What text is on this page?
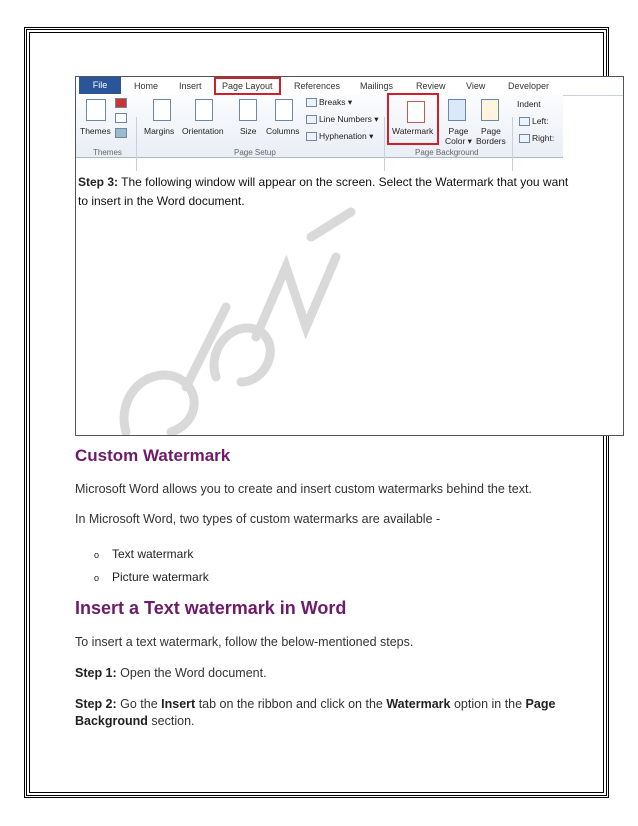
File	Home Insert	Page Layout	References Mailings	Review View	Developer
Themes	Margins Orientation Size Columns
Breaks ▾
Line Numbers ▾
Hyphenation ▾ Watermark	Page
Color ▾
Page
Borders
Indent
Left:
Right:
Themes	Page Setup	Page Background
Step 3: The following window will appear on the screen. Select the Watermark that you want to insert in the Word document.
Custom Watermark
Microsoft Word allows you to create and insert custom watermarks behind the text.
In Microsoft Word, two types of custom watermarks are available -
o Text watermark
o Picture watermark
Insert a Text watermark in Word
To insert a text watermark, follow the below-mentioned steps.
Step 1: Open the Word document.
Step 2: Go the Insert tab on the ribbon and click on the Watermark option in the Page Background section.
